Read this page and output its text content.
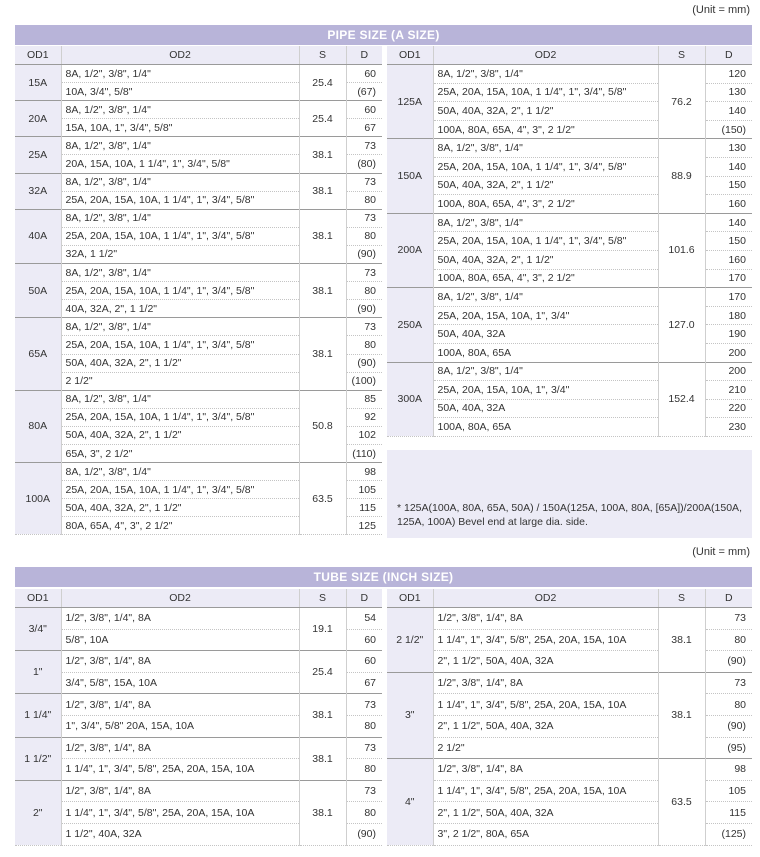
(Unit = mm)
PIPE SIZE (A SIZE)
OD1	OD2	S	D
15A	8A, 1/2", 3/8", 1/4"	25.4	60
	10A, 3/4", 5/8"		(67)
20A	8A, 1/2", 3/8", 1/4"	25.4	60
	15A, 10A, 1", 3/4", 5/8"		67
25A	8A, 1/2", 3/8", 1/4"	38.1	73
	20A, 15A, 10A, 1 1/4", 1", 3/4", 5/8"		(80)
32A	8A, 1/2", 3/8", 1/4"	38.1	73
	25A, 20A, 15A, 10A, 1 1/4", 1", 3/4", 5/8"		80
40A	8A, 1/2", 3/8", 1/4"	38.1	73
	25A, 20A, 15A, 10A, 1 1/4", 1", 3/4", 5/8"		80
	32A, 1 1/2"		(90)
50A	8A, 1/2", 3/8", 1/4"	38.1	73
	25A, 20A, 15A, 10A, 1 1/4", 1", 3/4", 5/8"		80
	40A, 32A, 2", 1 1/2"		(90)
65A	8A, 1/2", 3/8", 1/4"	38.1	73
	25A, 20A, 15A, 10A, 1 1/4", 1", 3/4", 5/8"		80
	50A, 40A, 32A, 2", 1 1/2"		(90)
	2 1/2"		(100)
80A	8A, 1/2", 3/8", 1/4"	50.8	85
	25A, 20A, 15A, 10A, 1 1/4", 1", 3/4", 5/8"		92
	50A, 40A, 32A, 2", 1 1/2"		102
	65A, 3", 2 1/2"		(110)
100A	8A, 1/2", 3/8", 1/4"	63.5	98
	25A, 20A, 15A, 10A, 1 1/4", 1", 3/4", 5/8"		105
	50A, 40A, 32A, 2", 1 1/2"		115
	80A, 65A, 4", 3", 2 1/2"		125
OD1	OD2	S	D
125A	8A, 1/2", 3/8", 1/4"	76.2	120
	25A, 20A, 15A, 10A, 1 1/4", 1", 3/4", 5/8"		130
	50A, 40A, 32A, 2", 1 1/2"		140
	100A, 80A, 65A, 4", 3", 2 1/2"		(150)
150A	8A, 1/2", 3/8", 1/4"	88.9	130
	25A, 20A, 15A, 10A, 1 1/4", 1", 3/4", 5/8"		140
	50A, 40A, 32A, 2", 1 1/2"		150
	100A, 80A, 65A, 4", 3", 2 1/2"		160
200A	8A, 1/2", 3/8", 1/4"	101.6	140
	25A, 20A, 15A, 10A, 1 1/4", 1", 3/4", 5/8"		150
	50A, 40A, 32A, 2", 1 1/2"		160
	100A, 80A, 65A, 4", 3", 2 1/2"		170
250A	8A, 1/2", 3/8", 1/4"	127.0	170
	25A, 20A, 15A, 10A, 1", 3/4"		180
	50A, 40A, 32A		190
	100A, 80A, 65A		200
300A	8A, 1/2", 3/8", 1/4"	152.4	200
	25A, 20A, 15A, 10A, 1", 3/4"		210
	50A, 40A, 32A		220
	100A, 80A, 65A		230
* 125A(100A, 80A, 65A, 50A) / 150A(125A, 100A, 80A, [65A])/200A(150A, 125A, 100A) Bevel end at large dia. side.
(Unit = mm)
TUBE SIZE (INCH SIZE)
OD1	OD2	S	D
3/4"	1/2", 3/8", 1/4", 8A	19.1	54
	5/8", 10A		60
1"	1/2", 3/8", 1/4", 8A	25.4	60
	3/4", 5/8", 15A, 10A		67
1 1/4"	1/2", 3/8", 1/4", 8A	38.1	73
	1", 3/4", 5/8" 20A, 15A, 10A		80
1 1/2"	1/2", 3/8", 1/4", 8A	38.1	73
	1 1/4", 1", 3/4", 5/8", 25A, 20A, 15A, 10A		80
2"	1/2", 3/8", 1/4", 8A	38.1	73
	1 1/4", 1", 3/4", 5/8", 25A, 20A, 15A, 10A		80
	1 1/2", 40A, 32A		(90)
OD1	OD2	S	D
2 1/2"	1/2", 3/8", 1/4", 8A	38.1	73
	1 1/4", 1", 3/4", 5/8", 25A, 20A, 15A, 10A		80
	2", 1 1/2", 50A, 40A, 32A		(90)
3"	1/2", 3/8", 1/4", 8A	38.1	73
	1 1/4", 1", 3/4", 5/8", 25A, 20A, 15A, 10A		80
	2", 1 1/2", 50A, 40A, 32A		(90)
	2 1/2"		(95)
4"	1/2", 3/8", 1/4", 8A	63.5	98
	1 1/4", 1", 3/4", 5/8", 25A, 20A, 15A, 10A		105
	2", 1 1/2", 50A, 40A, 32A		115
	3", 2 1/2", 80A, 65A		(125)
